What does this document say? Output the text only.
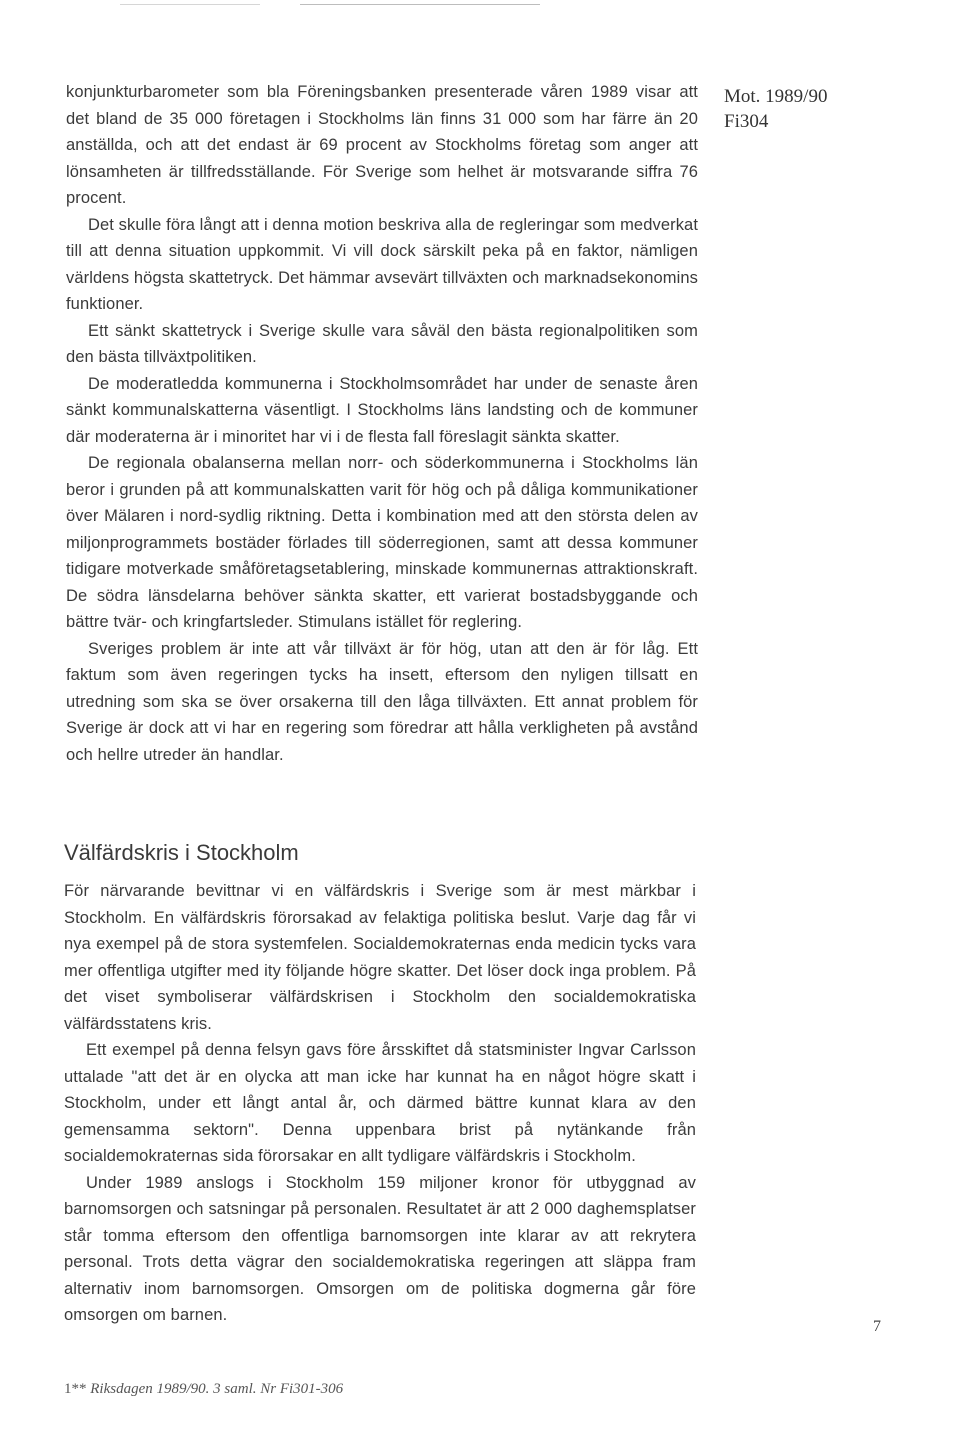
Mot. 1989/90
Fi304

konjunkturbarometer som bla Föreningsbanken presenterade våren 1989 visar att det bland de 35 000 företagen i Stockholms län finns 31 000 som har färre än 20 anställda, och att det endast är 69 procent av Stockholms företag som anger att lönsamheten är tillfredsställande. För Sverige som helhet är motsvarande siffra 76 procent.

Det skulle föra långt att i denna motion beskriva alla de regleringar som medverkat till att denna situation uppkommit. Vi vill dock särskilt peka på en faktor, nämligen världens högsta skattetryck. Det hämmar avsevärt tillväxten och marknadsekonomins funktioner.

Ett sänkt skattetryck i Sverige skulle vara såväl den bästa regionalpolitiken som den bästa tillväxtpolitiken.

De moderatledda kommunerna i Stockholmsområdet har under de senaste åren sänkt kommunalskatterna väsentligt. I Stockholms läns landsting och de kommuner där moderaterna är i minoritet har vi i de flesta fall föreslagit sänkta skatter.

De regionala obalanserna mellan norr- och söderkommunerna i Stockholms län beror i grunden på att kommunalskatten varit för hög och på dåliga kommunikationer över Mälaren i nord-sydlig riktning. Detta i kombination med att den största delen av miljonprogrammets bostäder förlades till söderregionen, samt att dessa kommuner tidigare motverkade småföretagsetablering, minskade kommunernas attraktionskraft. De södra länsdelarna behöver sänkta skatter, ett varierat bostadsbyggande och bättre tvär- och kringfartsleder. Stimulans istället för reglering.

Sveriges problem är inte att vår tillväxt är för hög, utan att den är för låg. Ett faktum som även regeringen tycks ha insett, eftersom den nyligen tillsatt en utredning som ska se över orsakerna till den låga tillväxten. Ett annat problem för Sverige är dock att vi har en regering som föredrar att hålla verkligheten på avstånd och hellre utreder än handlar.

Välfärdskris i Stockholm

För närvarande bevittnar vi en välfärdskris i Sverige som är mest märkbar i Stockholm. En välfärdskris förorsakad av felaktiga politiska beslut. Varje dag får vi nya exempel på de stora systemfelen. Socialdemokraternas enda medicin tycks vara mer offentliga utgifter med ity följande högre skatter. Det löser dock inga problem. På det viset symboliserar välfärdskrisen i Stockholm den socialdemokratiska välfärdsstatens kris.

Ett exempel på denna felsyn gavs före årsskiftet då statsminister Ingvar Carlsson uttalade "att det är en olycka att man icke har kunnat ha en något högre skatt i Stockholm, under ett långt antal år, och därmed bättre kunnat klara av den gemensamma sektorn". Denna uppenbara brist på nytänkande från socialdemokraternas sida förorsakar en allt tydligare välfärdskris i Stockholm.

Under 1989 anslogs i Stockholm 159 miljoner kronor för utbyggnad av barnomsorgen och satsningar på personalen. Resultatet är att 2 000 daghemsplatser står tomma eftersom den offentliga barnomsorgen inte klarar av att rekrytera personal. Trots detta vägrar den socialdemokratiska regeringen att släppa fram alternativ inom barnomsorgen. Omsorgen om de politiska dogmerna går före omsorgen om barnen.

7
1** Riksdagen 1989/90. 3 saml. Nr Fi301-306
